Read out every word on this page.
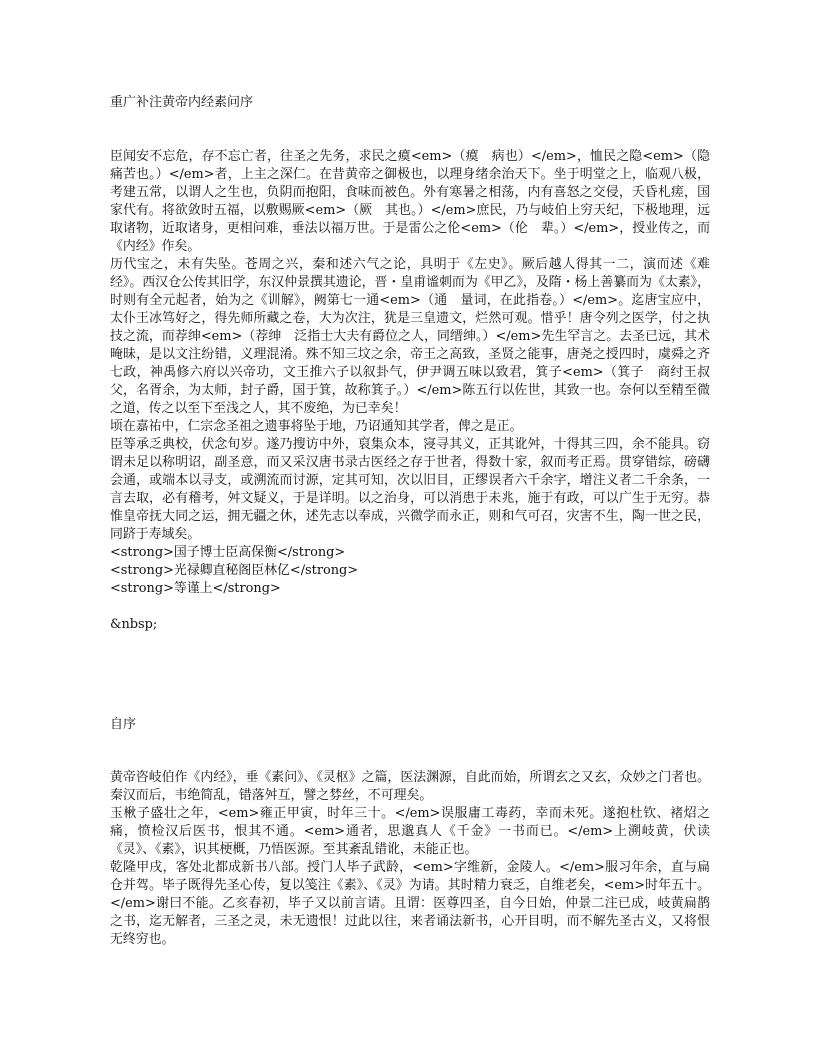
重广补注黄帝内经素问序

臣闻安不忘危，存不忘亡者，往圣之先务，求民之瘼<em>（瘼　病也）</em>，恤民之隐<em>（隐　痛苦也。）</em>者，上主之深仁。在昔黄帝之御极也，以理身绪余治天下。坐于明堂之上，临观八极，考建五常，以谓人之生也，负阴而抱阳，食味而被色。外有寒暑之相荡，内有喜怒之交侵，夭昏札瘥，国家代有。将欲敛时五福，以敷赐厥<em>（厥　其也。）</em>庶民，乃与岐伯上穷天纪，下极地理，远取诸物，近取诸身，更相问难，垂法以福万世。于是雷公之伦<em>（伦　辈。）</em>，授业传之，而《内经》作矣。

历代宝之，未有失坠。苍周之兴，秦和述六气之论，具明于《左史》。厥后越人得其一二，演而述《难经》。西汉仓公传其旧学，东汉仲景撰其遗论，晋・皇甫谧刺而为《甲乙》，及隋・杨上善纂而为《太素》，时则有全元起者，始为之《训解》，阙第七一通<em>（通　量词，在此指卷。）</em>。迄唐宝应中，太仆王冰笃好之，得先师所藏之卷，大为次注，犹是三皇遗文，烂然可观。惜乎！唐令列之医学，付之执技之流，而荐绅<em>（荐绅　泛指士大夫有爵位之人，同缙绅。）</em>先生罕言之。去圣已远，其术晻昧，是以文注纷错，义理混淆。殊不知三坟之余，帝王之高致，圣贤之能事，唐尧之授四时，虞舜之齐七政，神禹修六府以兴帝功，文王推六子以叙卦气，伊尹调五味以致君，箕子<em>（箕子　商纣王叔父，名胥余，为太师，封子爵，国于箕，故称箕子。）</em>陈五行以佐世，其致一也。奈何以至精至微之道，传之以至下至浅之人，其不废绝，为已幸矣！

顷在嘉祐中，仁宗念圣祖之遗事将坠于地，乃诏通知其学者，俾之是正。

臣等承乏典校，伏念旬岁。遂乃搜访中外，裒集众本，寖寻其义，正其讹舛，十得其三四，余不能具。窃谓未足以称明诏，副圣意，而又采汉唐书录古医经之存于世者，得数十家，叙而考正焉。贯穿错综，磅礴会通，或端本以寻支，或溯流而讨源，定其可知，次以旧目，正缪误者六千余字，增注义者二千余条，一言去取，必有稽考，舛文疑义，于是详明。以之治身，可以消患于未兆，施于有政，可以广生于无穷。恭惟皇帝抚大同之运，拥无疆之休，述先志以奉成，兴微学而永正，则和气可召，灾害不生，陶一世之民，同跻于寿域矣。

<strong>国子博士臣高保衡</strong>

<strong>光禄卿直秘阁臣林亿</strong>

<strong>等谨上</strong>

&nbsp;

自序

黄帝咨岐伯作《内经》，垂《素问》、《灵枢》之篇，医法渊源，自此而始，所谓玄之又玄，众妙之门者也。秦汉而后，韦绝简乱，错落舛互，譬之棼丝，不可理矣。

玉楸子盛壮之年，<em>雍正甲寅，时年三十。</em>误服庸工毒药，幸而未死。遂抱杜钦、褚炤之痛，愤检汉后医书，恨其不通。<em>通者，思邈真人《千金》一书而已。</em>上溯岐黄，伏读《灵》、《素》，识其梗概，乃悟医源。至其紊乱错讹，未能正也。

乾隆甲戌，客处北都成新书八部。授门人毕子武龄，<em>字维新，金陵人。</em>服习年余，直与扁仓并驾。毕子既得先圣心传，复以笺注《素》、《灵》为请。其时精力衰乏，自维老矣，<em>时年五十。</em>谢曰不能。乙亥春初，毕子又以前言请。且谓：医尊四圣，自今日始，仲景二注已成，岐黄扁鹊之书，迄无解者，三圣之灵，未无遗恨！过此以往，来者诵法新书，心开目明，而不解先圣古义，又将恨无终穷也。
